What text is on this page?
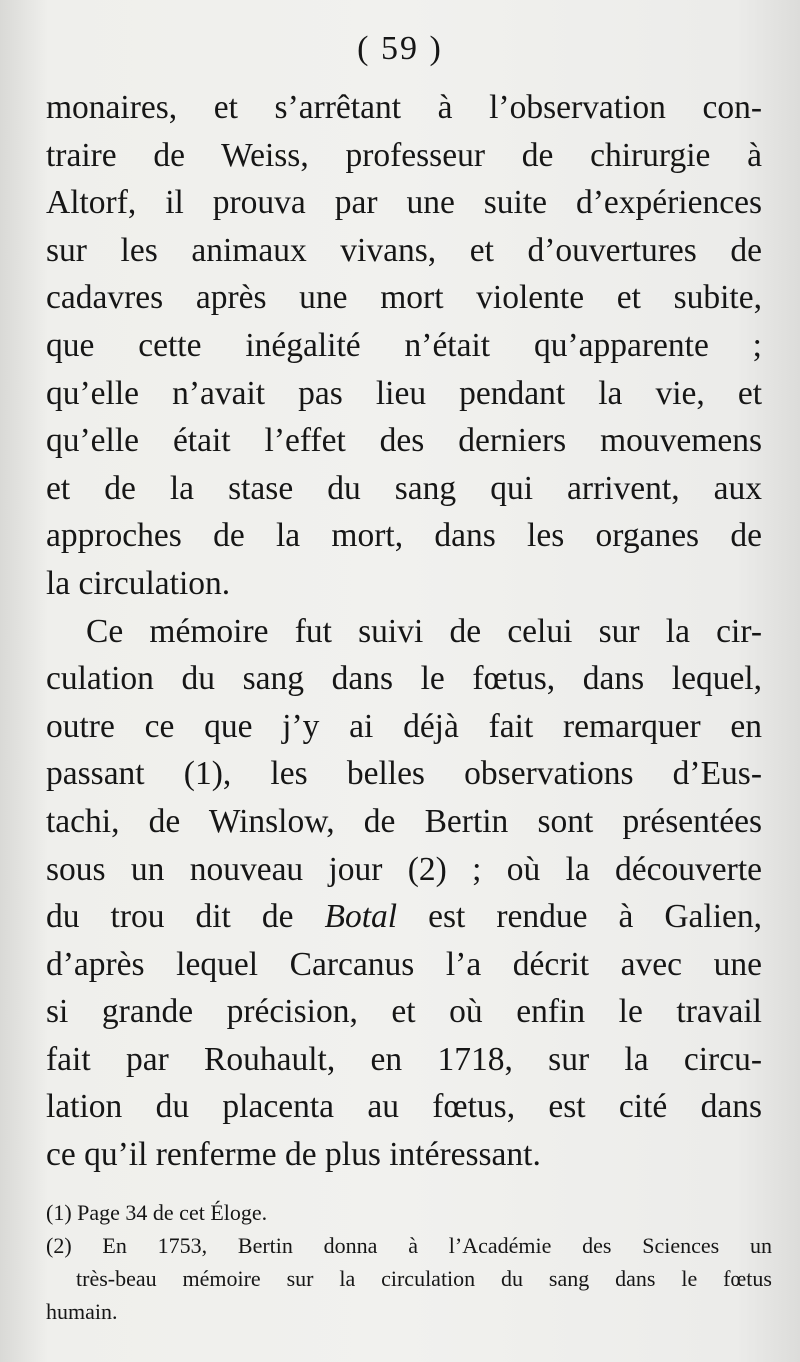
( 59 )
monaires, et s’arrêtant à l’observation con-
traire de Weiss, professeur de chirurgie à
Altorf, il prouva par une suite d’expériences
sur les animaux vivans, et d’ouvertures de
cadavres après une mort violente et subite,
que cette inégalité n’était qu’apparente ;
qu’elle n’avait pas lieu pendant la vie, et
qu’elle était l’effet des derniers mouvemens
et de la stase du sang qui arrivent, aux
approches de la mort, dans les organes de
la circulation.
Ce mémoire fut suivi de celui sur la cir-
culation du sang dans le fœtus, dans lequel,
outre ce que j’y ai déjà fait remarquer en
passant (1), les belles observations d’Eus-
tachi, de Winslow, de Bertin sont présentées
sous un nouveau jour (2) ; où la découverte
du trou dit de Botal est rendue à Galien,
d’après lequel Carcanus l’a décrit avec une
si grande précision, et où enfin le travail
fait par Rouhault, en 1718, sur la circu-
lation du placenta au fœtus, est cité dans
ce qu’il renferme de plus intéressant.
(1) Page 34 de cet Éloge.
(2) En 1753, Bertin donna à l’Académie des Sciences un
très-beau mémoire sur la circulation du sang dans le fœtus
humain.
